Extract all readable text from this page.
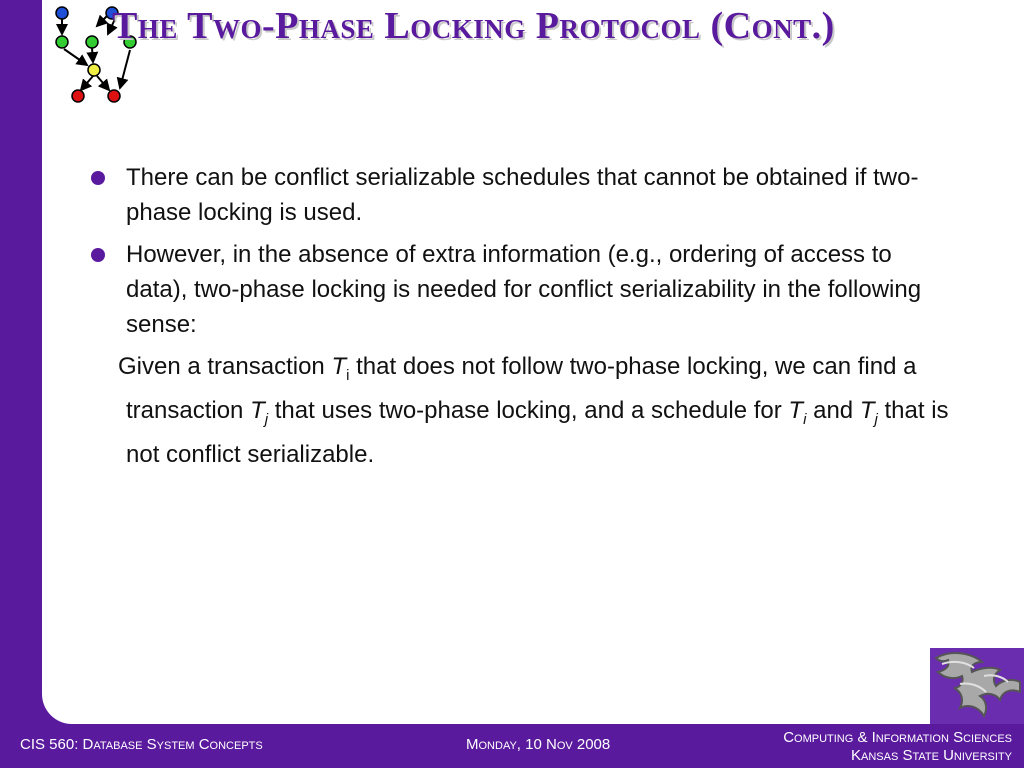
The Two-Phase Locking Protocol (Cont.)
There can be conflict serializable schedules that cannot be obtained if two-phase locking is used.
However, in the absence of extra information (e.g., ordering of access to data), two-phase locking is needed for conflict serializability in the following sense:

Given a transaction $T_i$ that does not follow two-phase locking, we can find a transaction $T_j$ that uses two-phase locking, and a schedule for $T_i$ and $T_j$ that is not conflict serializable.

CIS 560: Database System Concepts	Monday, 10 Nov 2008	Computing & Information Sciences
Kansas State University
